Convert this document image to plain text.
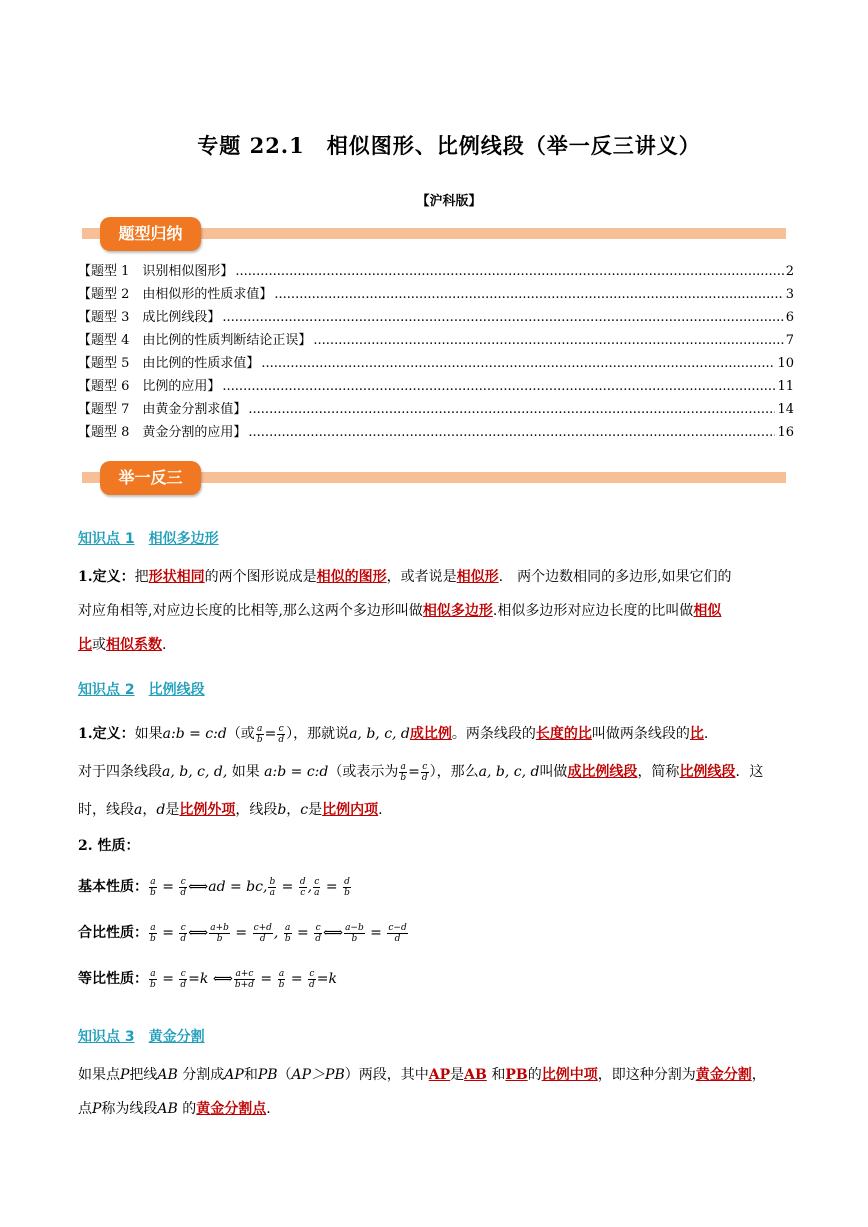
专题 22.1　相似图形、比例线段（举一反三讲义）
【沪科版】
题型归纳
【题型 1　识别相似图形】 .....	2
【题型 2　由相似形的性质求值】 .....	3
【题型 3　成比例线段】 .....	6
【题型 4　由比例的性质判断结论正误】 .....	7
【题型 5　由比例的性质求值】 .....	10
【题型 6　比例的应用】 .....	11
【题型 7　由黄金分割求值】 .....	14
【题型 8　黄金分割的应用】 .....	16
举一反三
知识点 1 相似多边形
1.定义：把形状相同的两个图形说成是相似的图形，或者说是相似形.　两个边数相同的多边形,如果它们的
对应角相等,对应边长度的比相等,那么这两个多边形叫做相似多边形.相似多边形对应边长度的比叫做相似
比或相似系数.
知识点 2 比例线段
1.定义：如果a:b = c:d（或 $\frac{a}{b} = \frac{c}{d}$ ），那就说a, b, c, d成比例。两条线段的长度的比叫做两条线段的比.
对于四条线段a, b, c, d, 如果 a:b = c:d（或表示为 $\frac{a}{b} = \frac{c}{d}$ ），那么a, b, c, d叫做成比例线段，简称比例线段．这
时，线段a，d是比例外项，线段b，c是比例内项.
2. 性质：
基本性质： $\frac{a}{b} = \frac{c}{d}$ ⟺ad = bc, $\frac{b}{a} = \frac{d}{c}$ , $\frac{c}{a} = \frac{d}{b}$
合比性质： $\frac{a}{b} = \frac{c}{d}$ ⟺ $\frac{a+b}{b} = \frac{c+d}{d}$ , $\frac{a}{b} = \frac{c}{d}$ ⟺ $\frac{a-b}{b} = \frac{c-d}{d}$
等比性质： $\frac{a}{b} = \frac{c}{d} =k$ ⟺ $\frac{a+c}{b+d} = \frac{a}{b} = \frac{c}{d} =k$
知识点 3 黄金分割
如果点P把线AB 分割成AP和PB（AP＞PB）两段，其中AP是AB 和PB的比例中项，即这种分割为黄金分割，
点P称为线段AB 的黄金分割点.
